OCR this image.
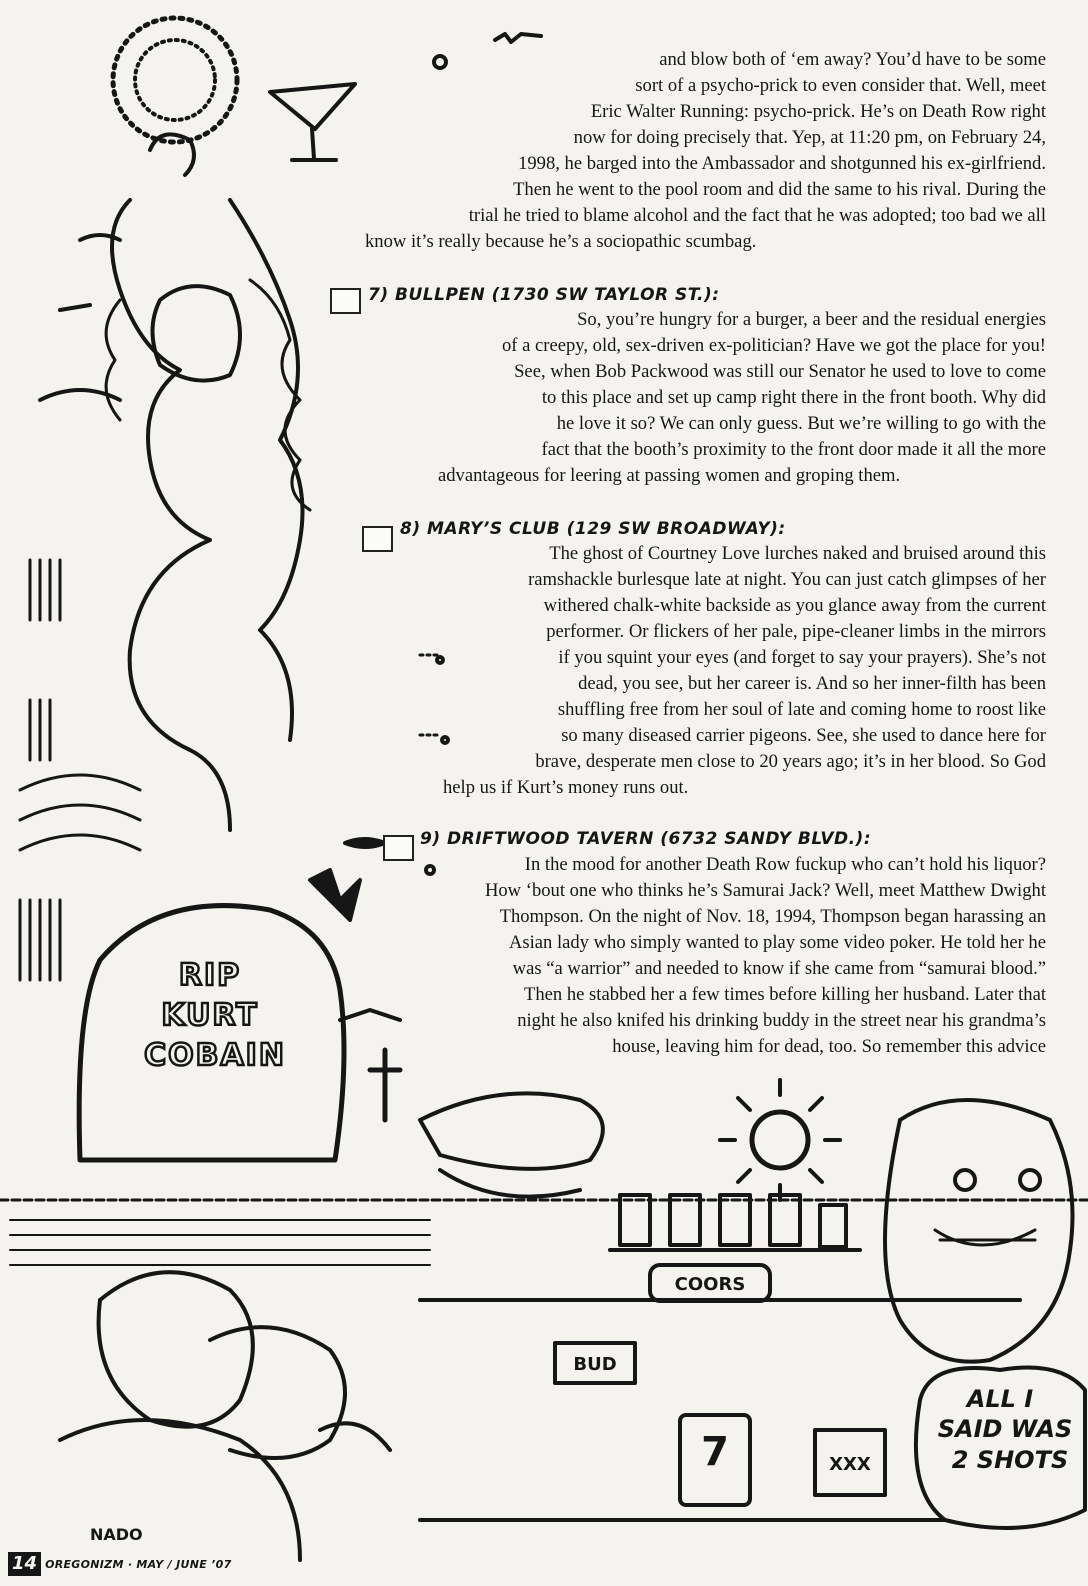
RIP
KURT
COBAIN
ALL I
SAID WAS
2 SHOTS
COORS
BUD
7	XXX
NADO
and blow both of ‘em away? You’d have to be some
sort of a psycho-prick to even consider that. Well, meet
Eric Walter Running: psycho-prick. He’s on Death Row right
now for doing precisely that. Yep, at 11:20 pm, on February 24,
1998, he barged into the Ambassador and shotgunned his ex-girlfriend.
Then he went to the pool room and did the same to his rival. During the
trial he tried to blame alcohol and the fact that he was adopted; too bad we all
know it’s really because he’s a sociopathic scumbag.
7) BULLPEN (1730 SW TAYLOR ST.):
So, you’re hungry for a burger, a beer and the residual energies
of a creepy, old, sex-driven ex-politician? Have we got the place for you!
See, when Bob Packwood was still our Senator he used to love to come
to this place and set up camp right there in the front booth. Why did
he love it so? We can only guess. But we’re willing to go with the
fact that the booth’s proximity to the front door made it all the more
advantageous for leering at passing women and groping them.
8) MARY’S CLUB (129 SW BROADWAY):
The ghost of Courtney Love lurches naked and bruised around this
ramshackle burlesque late at night. You can just catch glimpses of her
withered chalk-white backside as you glance away from the current
performer. Or flickers of her pale, pipe-cleaner limbs in the mirrors
if you squint your eyes (and forget to say your prayers). She’s not
dead, you see, but her career is. And so her inner-filth has been
shuffling free from her soul of late and coming home to roost like
so many diseased carrier pigeons. See, she used to dance here for
brave, desperate men close to 20 years ago; it’s in her blood. So God
help us if Kurt’s money runs out.
9) DRIFTWOOD TAVERN (6732 SANDY BLVD.):
In the mood for another Death Row fuckup who can’t hold his liquor?
How ‘bout one who thinks he’s Samurai Jack? Well, meet Matthew Dwight
Thompson. On the night of Nov. 18, 1994, Thompson began harassing an
Asian lady who simply wanted to play some video poker. He told her he
was “a warrior” and needed to know if she came from “samurai blood.”
Then he stabbed her a few times before killing her husband. Later that
night he also knifed his drinking buddy in the street near his grandma’s
house, leaving him for dead, too. So remember this advice
14 OREGONIZM · MAY / JUNE ’07
